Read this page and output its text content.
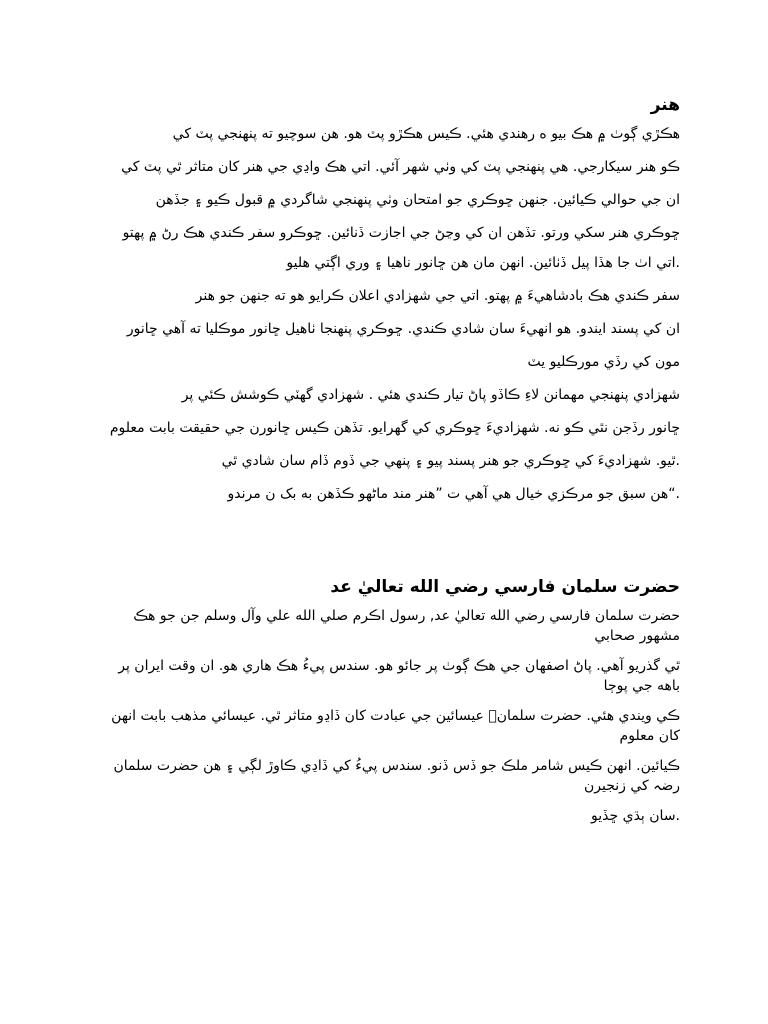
هنر

هڪڙي ڳوٺ ۾ هڪ بيو ه رهندي هئي. ڪيس هڪڙو پٽ هو. هن سوچيو ته پنهنجي پٽ کي

ڪو هنر سيکارجي. هي پنهنجي پٽ کي وٺي شهر آئي. اتي هڪ واڍي جي هنر کان متاثر ٿي پٽ کي

ان جي حوالي ڪيائين. جنهن ڇوڪري جو امتحان وٺي پنهنجي شاگردي ۾ قبول ڪيو ۽ جڏهن

ڇوڪري هنر سکي ورتو. تڏهن ان کي وڃڻ جي اجازت ڏنائين. ڇوڪرو سفر ڪندي هڪ رڻ ۾ پهتو

.اتي اٺ جا هڏا پيل ڏٺائين. انهن مان هن ڇانور ناهيا ۽ وري اڳتي هليو

سفر ڪندي هڪ بادشاهيءَ ۾ پهتو. اتي جي شهزادي اعلان ڪرايو هو ته جنهن جو هنر

ان کي پسند ايندو. هو انهيءَ سان شادي ڪندي. ڇوڪري پنهنجا ٺاهيل ڇانور موڪليا ته آهي ڇانور

مون کي رڏي مورڪليو يٽ

شهزادي پنهنجي مهمانن لاءِ ڪاڏو پاڻ تيار ڪندي هئي . شهزادي گهٽي ڪوشش ڪئي پر

ڇانور رڏجن نٿي ڪو نه. شهزاديءَ ڇوڪري کي گهرايو. تڏهن ڪيس ڇانورن جي حقيقت بابت معلوم

.ٿيو. شهزاديءَ کي ڇوڪري جو هنر پسند پيو ۽ پنهي جي ڏوم ڏام سان شادي ٿي

.“هن سبق جو مرڪزي خيال هي آهي ت ”هنر مند ماڻهو ڪڏهن به بک ن مرندو

حضرت سلمان فارسي رضي الله تعاليٰ عد

حضرت سلمان فارسي رضي الله تعاليٰ عد, رسول اڪرم صلي الله علي وآل وسلم جن جو هڪ مشهور صحابي

ٿي گذريو آهي. پاڻ اصفهان جي هڪ ڳوٺ پر جائو هو. سندس پيءُ هڪ هاري هو. ان وقت ايران پر باهه جي پوڄا

ڪي ويندي هئي. حضرت سلمانؓ عيسائين جي عبادت کان ڏاڍو متاثر ٿي. عيسائي مذهب بابت انهن کان معلوم

ڪيائين. انهن ڪيس شامر ملڪ جو ڏس ڏنو. سندس پيءُ کي ڏاڍي ڪاوڙ لڳي ۽ هن حضرت سلمان رضہ کي زنجيرن

.سان ٻڌي ڇڏيو
